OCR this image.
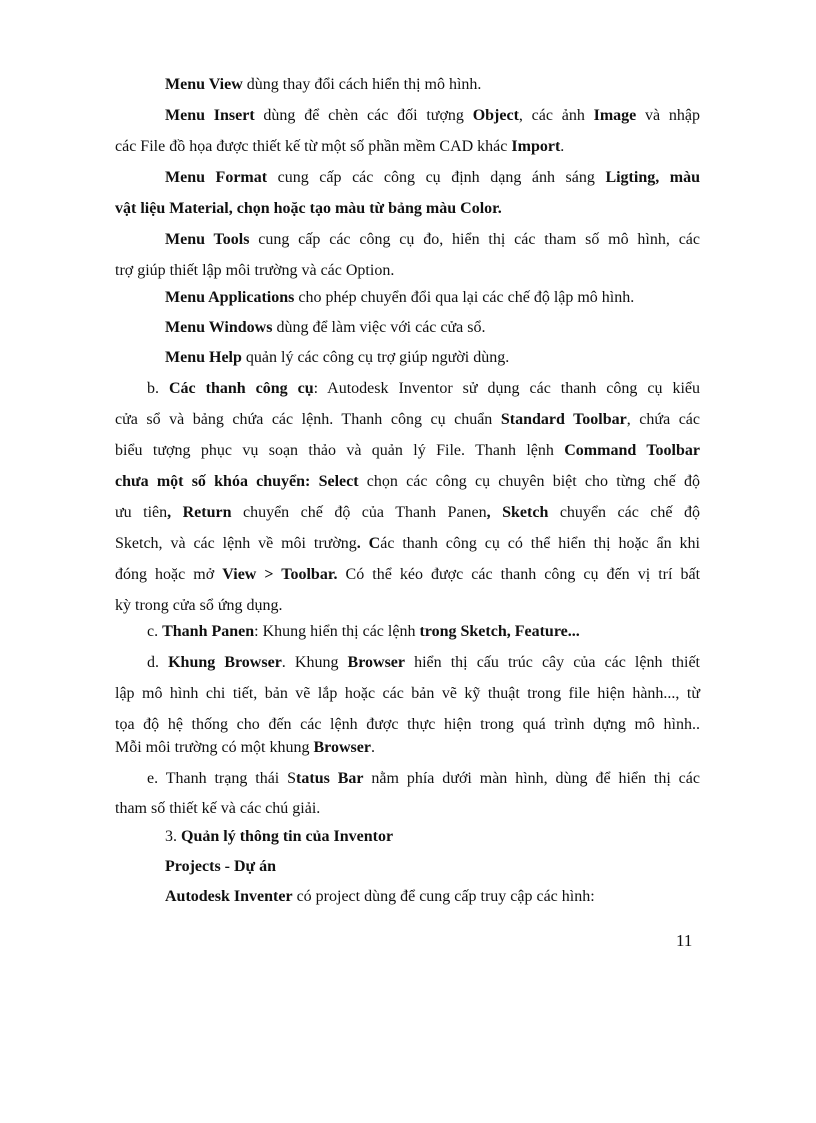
Menu View dùng thay đổi cách hiển thị mô hình.
Menu Insert dùng để chèn các đối tượng Object, các ảnh Image và nhập
các File đồ họa được thiết kế từ một số phần mềm CAD khác Import.
Menu Format cung cấp các công cụ định dạng ánh sáng Ligting, màu
vật liệu Material, chọn hoặc tạo màu từ bảng màu Color.
Menu Tools cung cấp các công cụ đo, hiển thị các tham số mô hình, các
trợ giúp thiết lập môi trường và các Option.
Menu Applications cho phép chuyển đổi qua lại các chế độ lập mô hình.
Menu Windows dùng để làm việc với các cửa sổ.
Menu Help quản lý các công cụ trợ giúp người dùng.
b. Các thanh công cụ: Autodesk Inventor sử dụng các thanh công cụ kiểu
cửa sổ và bảng chứa các lệnh. Thanh công cụ chuẩn Standard Toolbar, chứa các
biểu tượng phục vụ soạn thảo và quản lý File. Thanh lệnh Command Toolbar
chưa một số khóa chuyển: Select chọn các công cụ chuyên biệt cho từng chế độ
ưu tiên, Return chuyển chế độ của Thanh Panen, Sketch chuyển các chế độ
Sketch, và các lệnh về môi trường. Các thanh công cụ có thể hiển thị hoặc ẩn khi
đóng hoặc mở View > Toolbar. Có thể kéo được các thanh công cụ đến vị trí bất
kỳ trong cửa sổ ứng dụng.
c. Thanh Panen: Khung hiển thị các lệnh trong Sketch, Feature...
d. Khung Browser. Khung Browser hiển thị cấu trúc cây của các lệnh thiết
lập mô hình chi tiết, bản vẽ lắp hoặc các bản vẽ kỹ thuật trong file hiện hành..., từ
tọa độ hệ thống cho đến các lệnh được thực hiện trong quá trình dựng mô hình..
Mỗi môi trường có một khung Browser.
e. Thanh trạng thái Status Bar nằm phía dưới màn hình, dùng để hiển thị các
tham số thiết kế và các chú giải.
3. Quản lý thông tin của Inventor
Projects - Dự án
Autodesk Inventer có project dùng để cung cấp truy cập các hình:
11
